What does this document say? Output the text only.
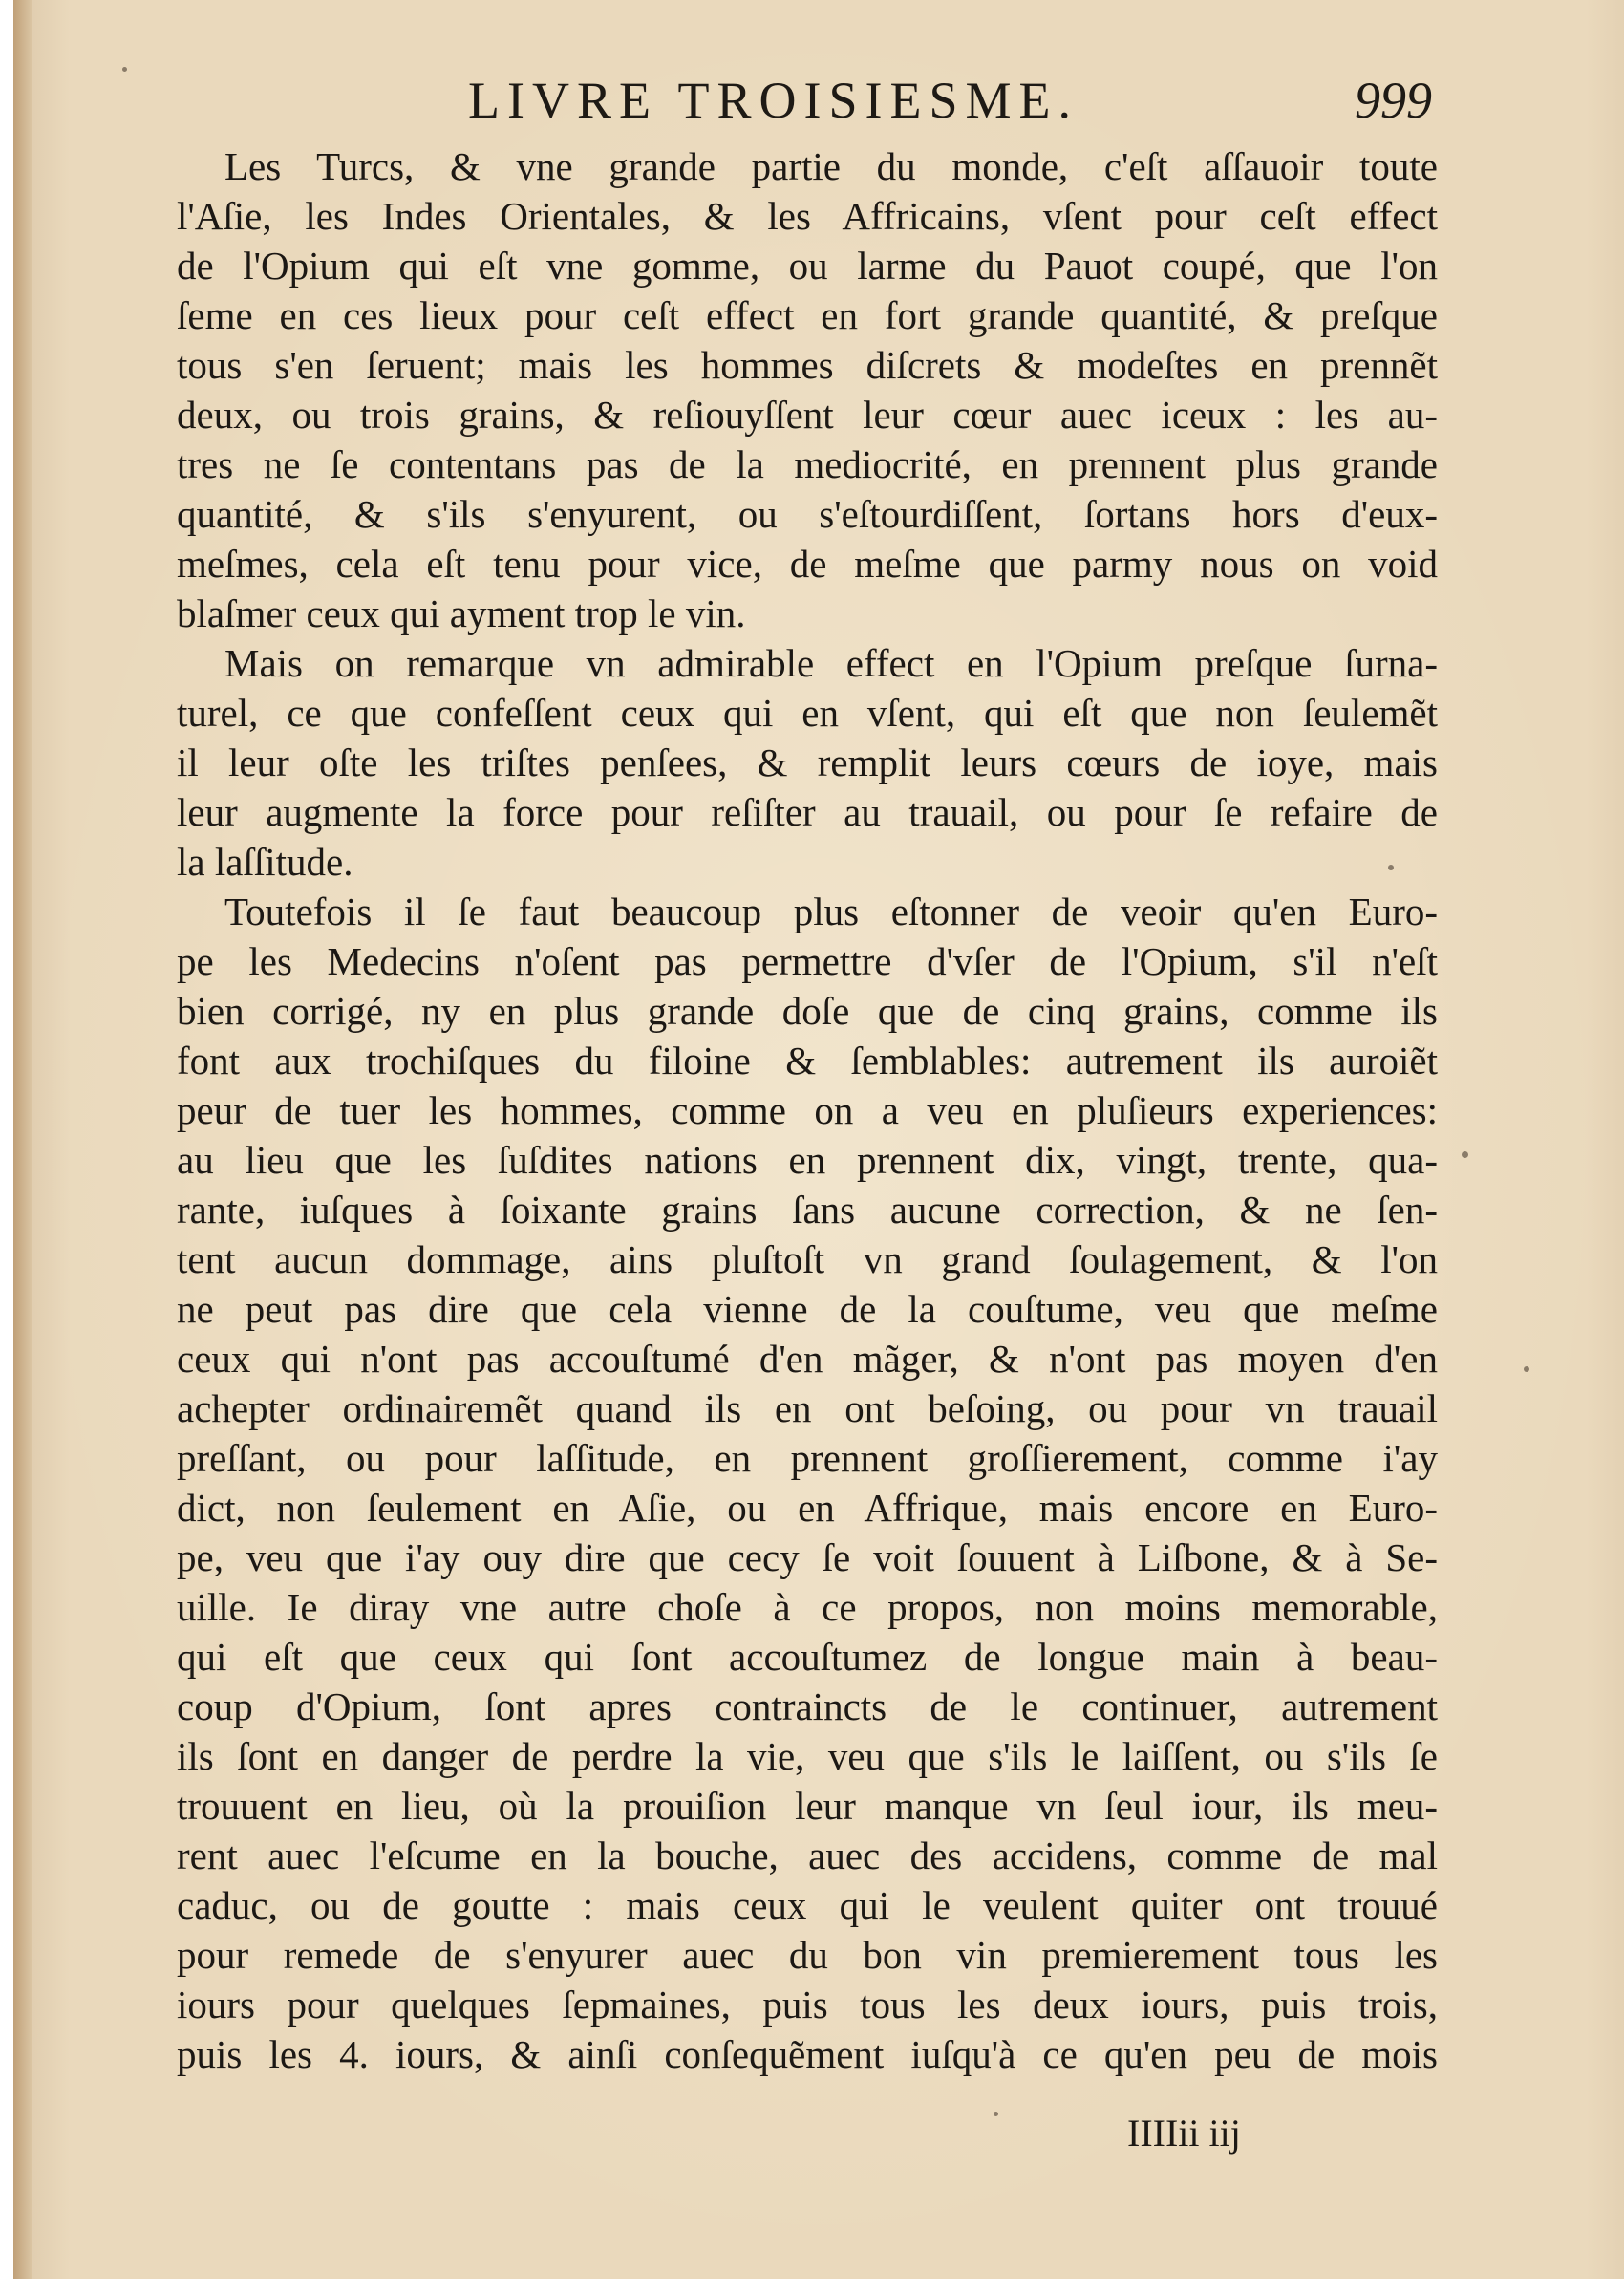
LIVRE TROISIESME.	999
Les Turcs, & vne grande partie du monde, c'eſt aſſauoir toute
l'Aſie, les Indes Orientales, & les Affricains, vſent pour ceſt effect
de l'Opium qui eſt vne gomme, ou larme du Pauot coupé, que l'on
ſeme en ces lieux pour ceſt effect en fort grande quantité, & preſque
tous s'en ſeruent; mais les hommes diſcrets & modeſtes en prennẽt
deux, ou trois grains, & reſiouyſſent leur cœur auec iceux : les au-
tres ne ſe contentans pas de la mediocrité, en prennent plus grande
quantité, & s'ils s'enyurent, ou s'eſtourdiſſent, ſortans hors d'eux-
meſmes, cela eſt tenu pour vice, de meſme que parmy nous on void
blaſmer ceux qui ayment trop le vin.
Mais on remarque vn admirable effect en l'Opium preſque ſurna-
turel, ce que confeſſent ceux qui en vſent, qui eſt que non ſeulemẽt
il leur oſte les triſtes penſees, & remplit leurs cœurs de ioye, mais
leur augmente la force pour reſiſter au trauail, ou pour ſe refaire de
la laſſitude.
Toutefois il ſe faut beaucoup plus eſtonner de veoir qu'en Euro-
pe les Medecins n'oſent pas permettre d'vſer de l'Opium, s'il n'eſt
bien corrigé, ny en plus grande doſe que de cinq grains, comme ils
font aux trochiſques du filoine & ſemblables: autrement ils auroiẽt
peur de tuer les hommes, comme on a veu en pluſieurs experiences:
au lieu que les ſuſdites nations en prennent dix, vingt, trente, qua-
rante, iuſques à ſoixante grains ſans aucune correction, & ne ſen-
tent aucun dommage, ains pluſtoſt vn grand ſoulagement, & l'on
ne peut pas dire que cela vienne de la couſtume, veu que meſme
ceux qui n'ont pas accouſtumé d'en mãger, & n'ont pas moyen d'en
achepter ordinairemẽt quand ils en ont beſoing, ou pour vn trauail
preſſant, ou pour laſſitude, en prennent groſſierement, comme i'ay
dict, non ſeulement en Aſie, ou en Affrique, mais encore en Euro-
pe, veu que i'ay ouy dire que cecy ſe voit ſouuent à Liſbone, & à Se-
uille. Ie diray vne autre choſe à ce propos, non moins memorable,
qui eſt que ceux qui ſont accouſtumez de longue main à beau-
coup d'Opium, ſont apres contraincts de le continuer, autrement
ils ſont en danger de perdre la vie, veu que s'ils le laiſſent, ou s'ils ſe
trouuent en lieu, où la prouiſion leur manque vn ſeul iour, ils meu-
rent auec l'eſcume en la bouche, auec des accidens, comme de mal
caduc, ou de goutte : mais ceux qui le veulent quiter ont trouué
pour remede de s'enyurer auec du bon vin premierement tous les
iours pour quelques ſepmaines, puis tous les deux iours, puis trois,
puis les 4. iours, & ainſi conſequẽment iuſqu'à ce qu'en peu de mois
IIIIii iij
